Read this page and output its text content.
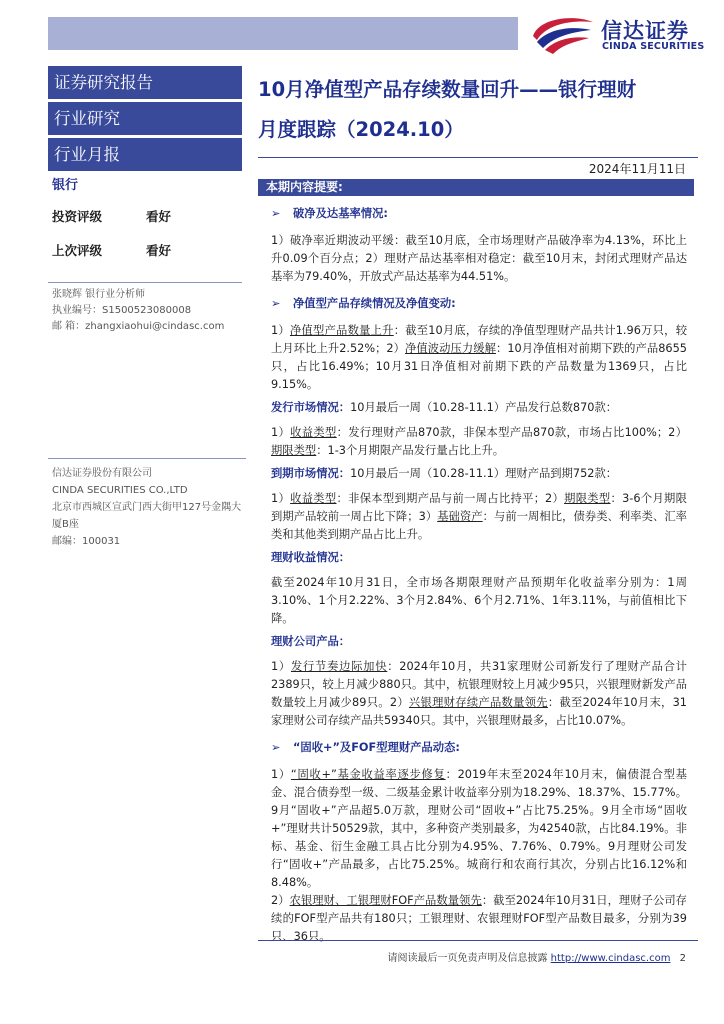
信达证券
CINDA SECURITIES
证券研究报告
行业研究
行业月报
银行
投资评级	看好
上次评级	看好
张晓辉 银行业分析师
执业编号：S1500523080008
邮 箱：zhangxiaohui@cindasc.com
信达证券股份有限公司
CINDA SECURITIES CO.,LTD
北京市西城区宣武门西大街甲127号金隅大厦B座
邮编：100031
10月净值型产品存续数量回升——银行理财
月度跟踪（2024.10）
2024年11月11日
本期内容提要:
➢ 破净及达基率情况:
1）破净率近期波动平缓：截至10月底，全市场理财产品破净率为4.13%，环比上升0.09个百分点；2）理财产品达基率相对稳定：截至10月末，封闭式理财产品达基率为79.40%，开放式产品达基率为44.51%。
➢ 净值型产品存续情况及净值变动:
1）净值型产品数量上升：截至10月底，存续的净值型理财产品共计1.96万只，较上月环比上升2.52%；2）净值波动压力缓解：10月净值相对前期下跌的产品8655只，占比16.49%；10月31日净值相对前期下跌的产品数量为1369只，占比9.15%。
发行市场情况：10月最后一周（10.28-11.1）产品发行总数870款：
1）收益类型：发行理财产品870款，非保本型产品870款，市场占比100%；2）期限类型：1-3个月期限产品发行量占比上升。
到期市场情况：10月最后一周（10.28-11.1）理财产品到期752款：
1）收益类型：非保本型到期产品与前一周占比持平；2）期限类型：3-6个月期限到期产品较前一周占比下降；3）基础资产：与前一周相比，债券类、利率类、汇率类和其他类到期产品占比上升。
理财收益情况：
截至2024年10月31日，全市场各期限理财产品预期年化收益率分别为：1周3.10%、1个月2.22%、3个月2.84%、6个月2.71%、1年3.11%，与前值相比下降。
理财公司产品：
1）发行节奏边际加快：2024年10月，共31家理财公司新发行了理财产品合计2389只，较上月减少880只。其中，杭银理财较上月减少95只，兴银理财新发产品数量较上月减少89只。2）兴银理财存续产品数量领先：截至2024年10月末，31家理财公司存续产品共59340只。其中，兴银理财最多，占比10.07%。
➢ “固收+”及FOF型理财产品动态:
1）“固收+”基金收益率逐步修复：2019年末至2024年10月末，偏债混合型基金、混合债券型一级、二级基金累计收益率分别为18.29%、18.37%、15.77%。9月“固收+”产品超5.0万款，理财公司“固收+”占比75.25%。9月全市场“固收+”理财共计50529款，其中，多种资产类别最多，为42540款，占比84.19%。非标、基金、衍生金融工具占比分别为4.95%、7.76%、0.79%。9月理财公司发行“固收+”产品最多，占比75.25%。城商行和农商行其次，分别占比16.12%和8.48%。
2）农银理财、工银理财FOF产品数量领先：截至2024年10月31日，理财子公司存续的FOF型产品共有180只；工银理财、农银理财FOF型产品数目最多，分别为39只、36只。
请阅读最后一页免责声明及信息披露 http://www.cindasc.com 2
